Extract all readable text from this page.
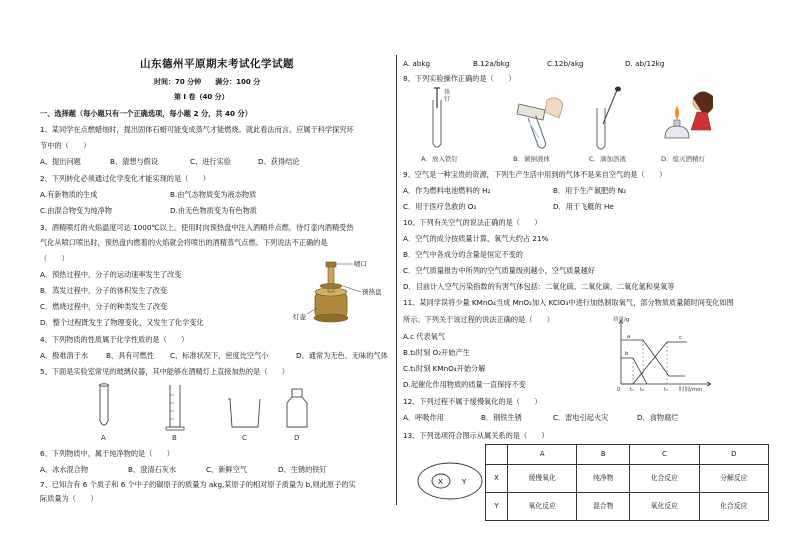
山东德州平原期末考试化学试题
时间：70 分钟　　满分：100 分
第 I 卷（40 分）
一、选择题（每小题只有一个正确选项，每小题 2 分，共 40 分）
1、某同学在点燃蜡烛时，提出固体石蜡可能变成蒸气才能燃烧。就此看法而言，应属于科学探究环
节中的（　　）
A、提出问题	B、猜想与假设	C、进行实验	D、获得结论
2、下列转化必须通过化学变化才能实现的是（　　）
A.有新物质的生成	B.由气态物质变为液态物质
C.由混合物变为纯净物	D.由无色物质变为有色物质
3、酒精喷灯的火焰温度可达 1000℃以上。使用时向预热盘中注入酒精并点燃，待灯壶内酒精受热
气化从喷口喷出时，预热盘内燃着的火焰就会将喷出的酒精蒸气点燃。下列说法不正确的是
（　　）
A．预热过程中，分子的运动速率发生了改变
B．蒸发过程中，分子的体积发生了改变
C．燃烧过程中，分子的种类发生了改变
D．整个过程既发生了物理变化，又发生了化学变化
喷口
预热盘
灯壶
4、下列物质的性质属于化学性质的是（　　）
A、极难溶于水 B、具有可燃性 C、标准状况下，密度比空气小	D、通常为无色、无味的气体
5、下面是实验室常见的玻璃仪器，其中能够在酒精灯上直接加热的是（　　）
A	B	C	D
6、下列物质中，属于纯净物的是（　　）
A、冰水混合物	B、澄清石灰水	C、新鲜空气	D、生锈的铁钉
7、已知含有 6 个质子和 6 个中子的碳原子的质量为 akg,某原子的相对原子质量为 b,则此原子的实
际质量为（　　）
A. abkg	B.12a/bkg	C.12b/akg	D. ab/12kg
8、下列实验操作正确的是（　　）
铁钉
A．放入铁钉	B．倾倒液体	C．滴加溶液	D．熄灭酒精灯
9、空气是一种宝贵的资源，下列生产生活中用到的气体不是来自空气的是（　　）
A．作为燃料电池燃料的 H₂	B．用于生产氮肥的 N₂
C．用于医疗急救的 O₂	D．用于飞艇的 He
10、下列有关空气的说法正确的是（　　）
A．空气的成分按质量计算，氧气大约占 21%
B．空气中各成分的含量是恒定不变的
C．空气质量报告中所列的空气质量级别越小，空气质量越好
D．目前计入空气污染指数的有害气体包括：二氧化硫、二氧化碳、二氧化氮和臭氧等
11、某同学误将少量 KMnO₄当成 MnO₂加入 KClO₃中进行加热制取氧气，部分物质质量随时间变化如图
所示。下列关于该过程的说法正确的是（　　）
A.c 代表氧气
B.t₂时刻 O₂开始产生
C.t₁时刻 KMnO₄开始分解
D.起催化作用物质的质量一直保持不变
质量/g
时间/min
a
b
c
0 t₁ t₂	t₃
12、下列过程不属于缓慢氧化的是（　　）
A．呼吸作用	B．钢铁生锈	C．雷电引起火灾	D．食物腐烂
13、下列选项符合图示从属关系的是（　　）
X	Y
	A	B	C	D
X	缓慢氧化	纯净物	化合反应	分解反应
Y	氧化反应	混合物	氧化反应	化合反应
